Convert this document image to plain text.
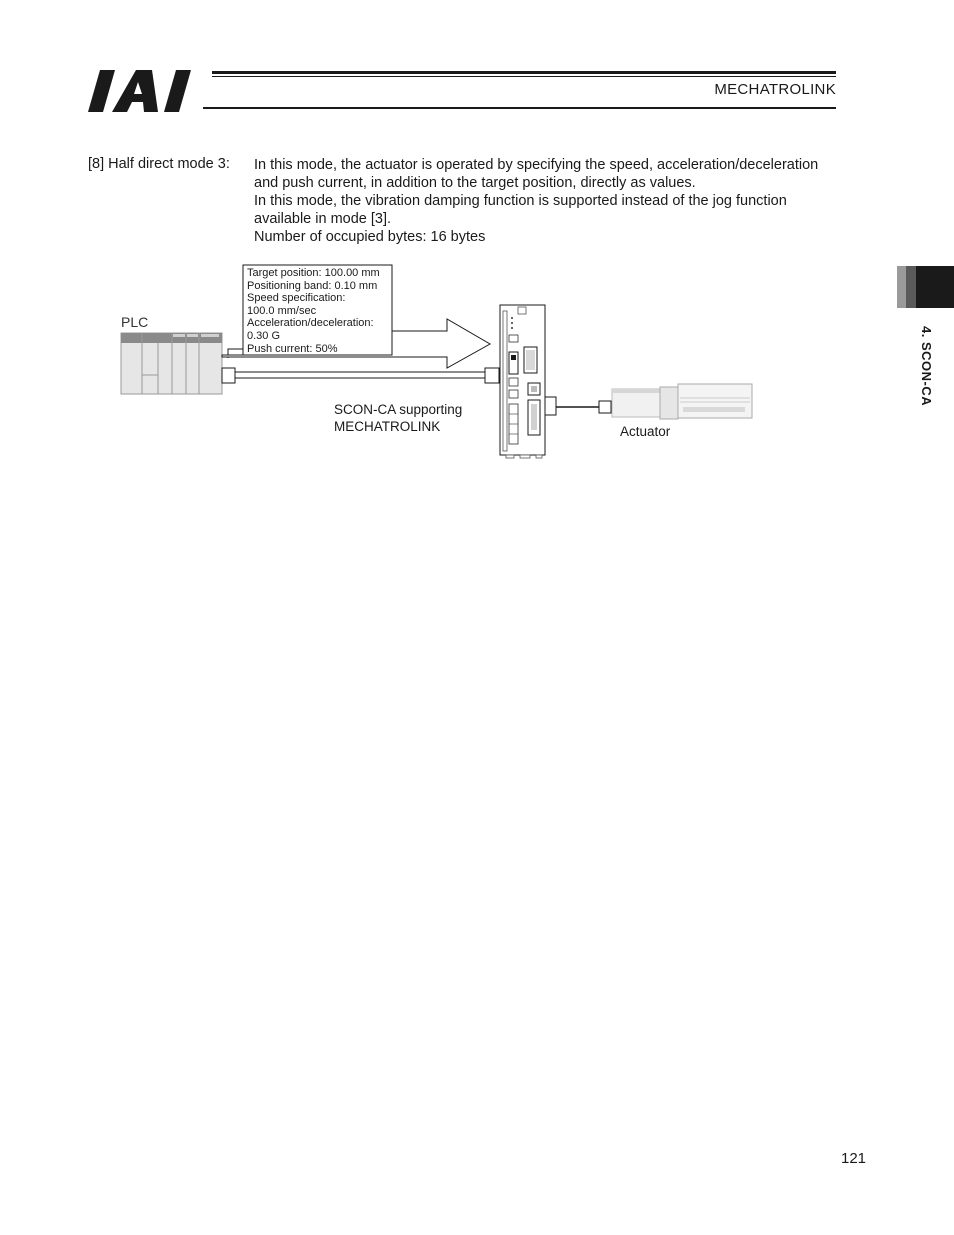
MECHATROLINK
4. SCON-CA
[8] Half direct mode 3: In this mode, the actuator is operated by specifying the speed, acceleration/deceleration
and push current, in addition to the target position, directly as values.
In this mode, the vibration damping function is supported instead of the jog function
available in mode [3].
Number of occupied bytes: 16 bytes

PLC

Target position: 100.00 mm
Positioning band: 0.10 mm
Speed specification:
100.0 mm/sec
Acceleration/deceleration:
0.30 G
Push current: 50%

SCON-CA supporting
MECHATROLINK	Actuator
121
